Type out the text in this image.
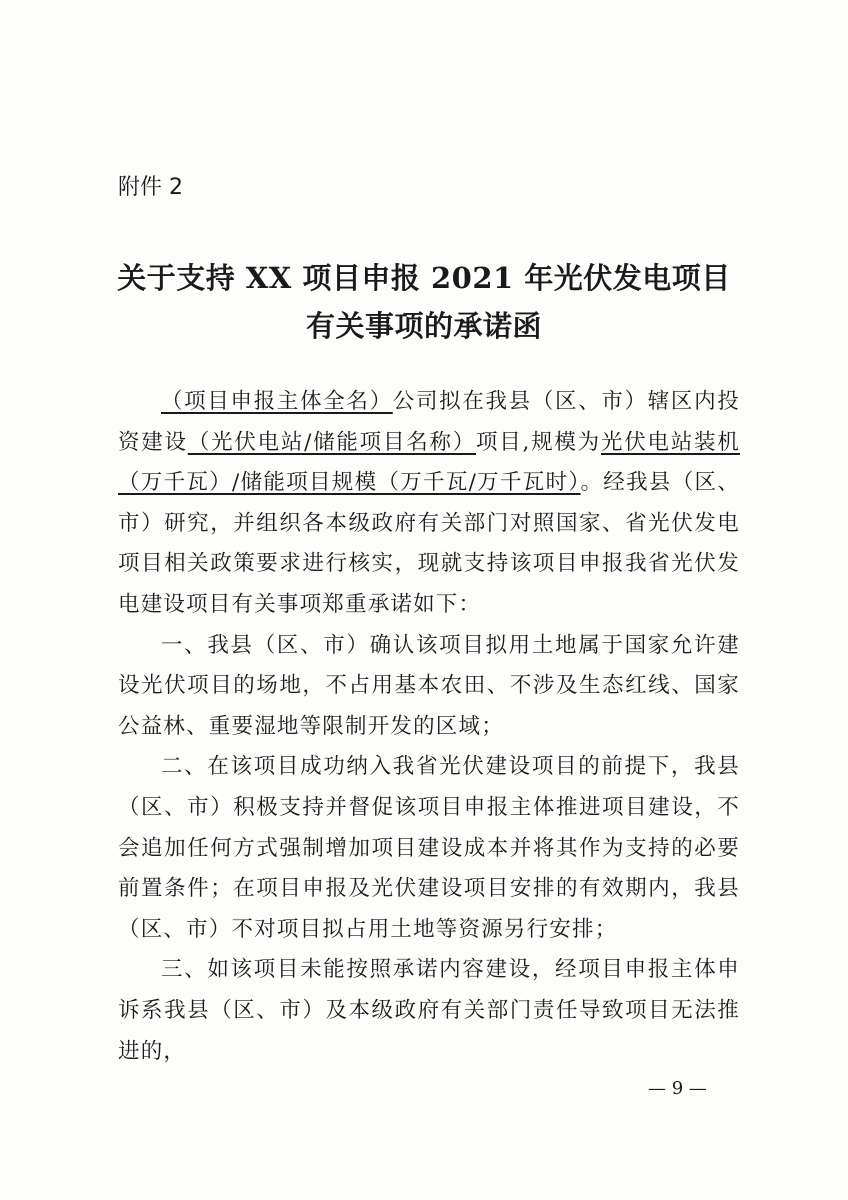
附件 2
关于支持 XX 项目申报 2021 年光伏发电项目
有关事项的承诺函

（项目申报主体全名）公司拟在我县（区、市）辖区内投资建设（光伏电站/储能项目名称）项目,规模为光伏电站装机（万千瓦）/储能项目规模（万千瓦/万千瓦时）。经我县（区、市）研究，并组织各本级政府有关部门对照国家、省光伏发电项目相关政策要求进行核实，现就支持该项目申报我省光伏发电建设项目有关事项郑重承诺如下：

一、我县（区、市）确认该项目拟用土地属于国家允许建设光伏项目的场地，不占用基本农田、不涉及生态红线、国家公益林、重要湿地等限制开发的区域；

二、在该项目成功纳入我省光伏建设项目的前提下，我县（区、市）积极支持并督促该项目申报主体推进项目建设，不会追加任何方式强制增加项目建设成本并将其作为支持的必要前置条件；在项目申报及光伏建设项目安排的有效期内，我县（区、市）不对项目拟占用土地等资源另行安排；

三、如该项目未能按照承诺内容建设，经项目申报主体申诉系我县（区、市）及本级政府有关部门责任导致项目无法推进的，

— 9 —
